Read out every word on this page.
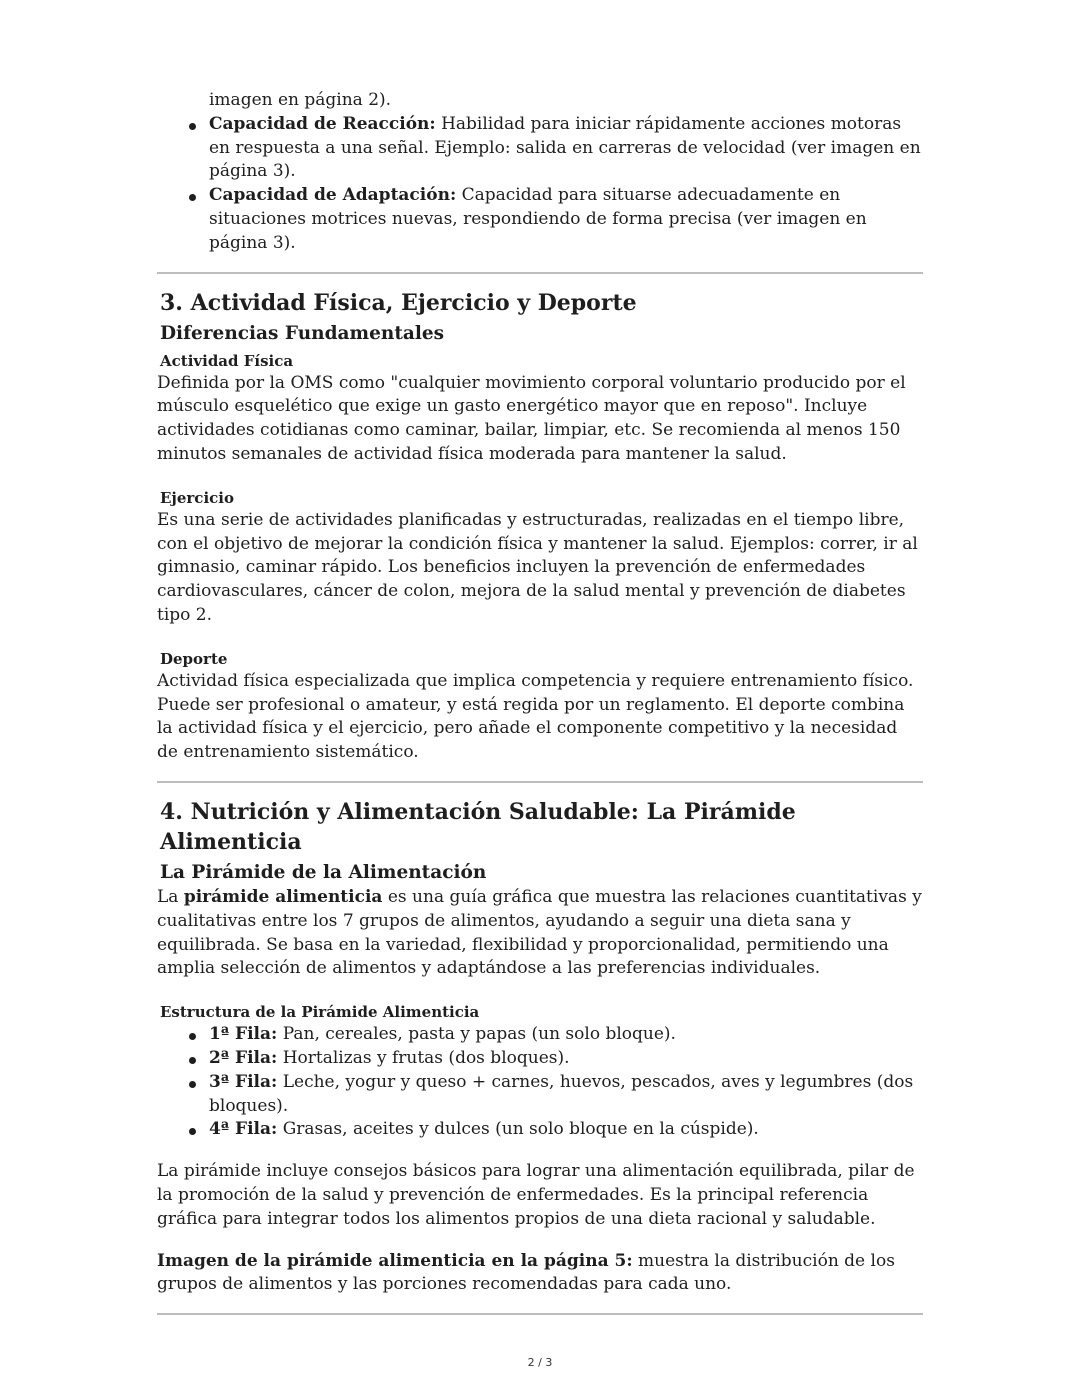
imagen en página 2).

Capacidad de Reacción: Habilidad para iniciar rápidamente acciones motoras en respuesta a una señal. Ejemplo: salida en carreras de velocidad (ver imagen en página 3).
Capacidad de Adaptación: Capacidad para situarse adecuadamente en situaciones motrices nuevas, respondiendo de forma precisa (ver imagen en página 3).
3. Actividad Física, Ejercicio y Deporte
Diferencias Fundamentales
Actividad Física

Definida por la OMS como "cualquier movimiento corporal voluntario producido por el músculo esquelético que exige un gasto energético mayor que en reposo". Incluye actividades cotidianas como caminar, bailar, limpiar, etc. Se recomienda al menos 150 minutos semanales de actividad física moderada para mantener la salud.

Ejercicio

Es una serie de actividades planificadas y estructuradas, realizadas en el tiempo libre, con el objetivo de mejorar la condición física y mantener la salud. Ejemplos: correr, ir al gimnasio, caminar rápido. Los beneficios incluyen la prevención de enfermedades cardiovasculares, cáncer de colon, mejora de la salud mental y prevención de diabetes tipo 2.

Deporte

Actividad física especializada que implica competencia y requiere entrenamiento físico. Puede ser profesional o amateur, y está regida por un reglamento. El deporte combina la actividad física y el ejercicio, pero añade el componente competitivo y la necesidad de entrenamiento sistemático.

4. Nutrición y Alimentación Saludable: La Pirámide Alimenticia
La Pirámide de la Alimentación

La pirámide alimenticia es una guía gráfica que muestra las relaciones cuantitativas y cualitativas entre los 7 grupos de alimentos, ayudando a seguir una dieta sana y equilibrada. Se basa en la variedad, flexibilidad y proporcionalidad, permitiendo una amplia selección de alimentos y adaptándose a las preferencias individuales.

Estructura de la Pirámide Alimenticia
1ª Fila: Pan, cereales, pasta y papas (un solo bloque).
2ª Fila: Hortalizas y frutas (dos bloques).
3ª Fila: Leche, yogur y queso + carnes, huevos, pescados, aves y legumbres (dos bloques).
4ª Fila: Grasas, aceites y dulces (un solo bloque en la cúspide).

La pirámide incluye consejos básicos para lograr una alimentación equilibrada, pilar de la promoción de la salud y prevención de enfermedades. Es la principal referencia gráfica para integrar todos los alimentos propios de una dieta racional y saludable.

Imagen de la pirámide alimenticia en la página 5: muestra la distribución de los grupos de alimentos y las porciones recomendadas para cada uno.

2 / 3
